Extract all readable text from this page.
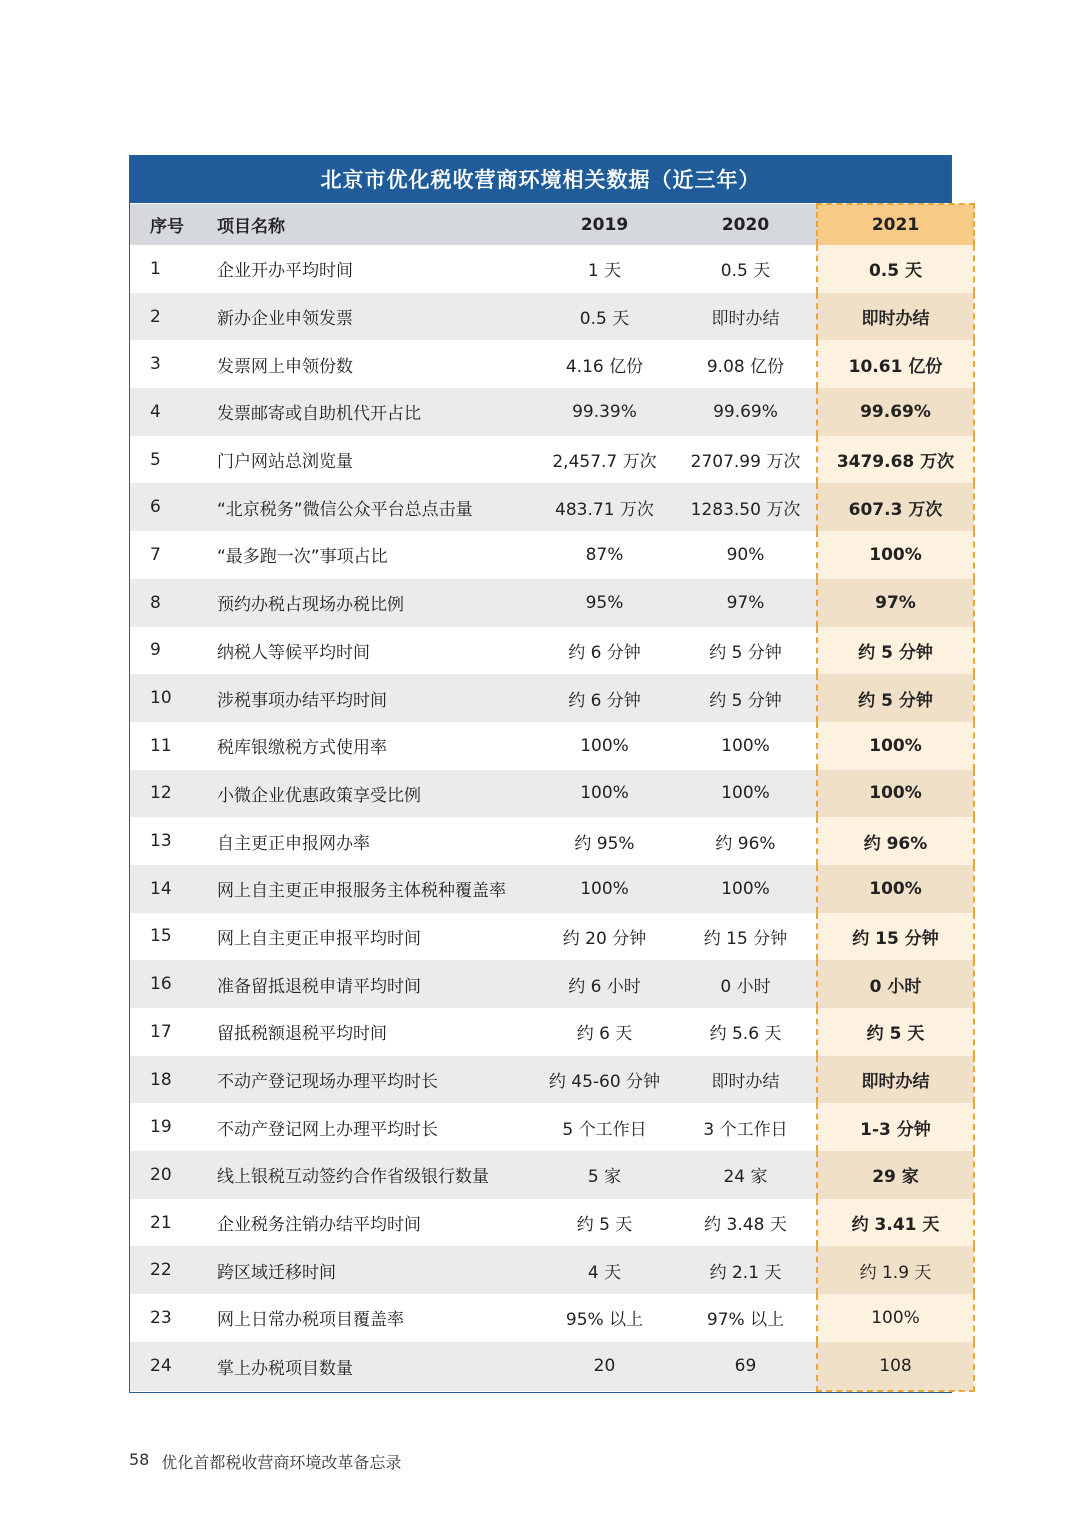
北京市优化税收营商环境相关数据（近三年）
序号	项目名称	2019	2020	2021
1	企业开办平均时间	1 天	0.5 天	0.5 天
2	新办企业申领发票	0.5 天	即时办结	即时办结
3	发票网上申领份数	4.16 亿份	9.08 亿份	10.61 亿份
4	发票邮寄或自助机代开占比	99.39%	99.69%	99.69%
5	门户网站总浏览量	2,457.7 万次	2707.99 万次	3479.68 万次
6	“北京税务”微信公众平台总点击量	483.71 万次	1283.50 万次	607.3 万次
7	“最多跑一次”事项占比	87%	90%	100%
8	预约办税占现场办税比例	95%	97%	97%
9	纳税人等候平均时间	约 6 分钟	约 5 分钟	约 5 分钟
10	涉税事项办结平均时间	约 6 分钟	约 5 分钟	约 5 分钟
11	税库银缴税方式使用率	100%	100%	100%
12	小微企业优惠政策享受比例	100%	100%	100%
13	自主更正申报网办率	约 95%	约 96%	约 96%
14	网上自主更正申报服务主体税种覆盖率	100%	100%	100%
15	网上自主更正申报平均时间	约 20 分钟	约 15 分钟	约 15 分钟
16	准备留抵退税申请平均时间	约 6 小时	0 小时	0 小时
17	留抵税额退税平均时间	约 6 天	约 5.6 天	约 5 天
18	不动产登记现场办理平均时长	约 45-60 分钟	即时办结	即时办结
19	不动产登记网上办理平均时长	5 个工作日	3 个工作日	1-3 分钟
20	线上银税互动签约合作省级银行数量	5 家	24 家	29 家
21	企业税务注销办结平均时间	约 5 天	约 3.48 天	约 3.41 天
22	跨区域迁移时间	4 天	约 2.1 天	约 1.9 天
23	网上日常办税项目覆盖率	95% 以上	97% 以上	100%
24	掌上办税项目数量	20	69	108
58 优化首都税收营商环境改革备忘录
